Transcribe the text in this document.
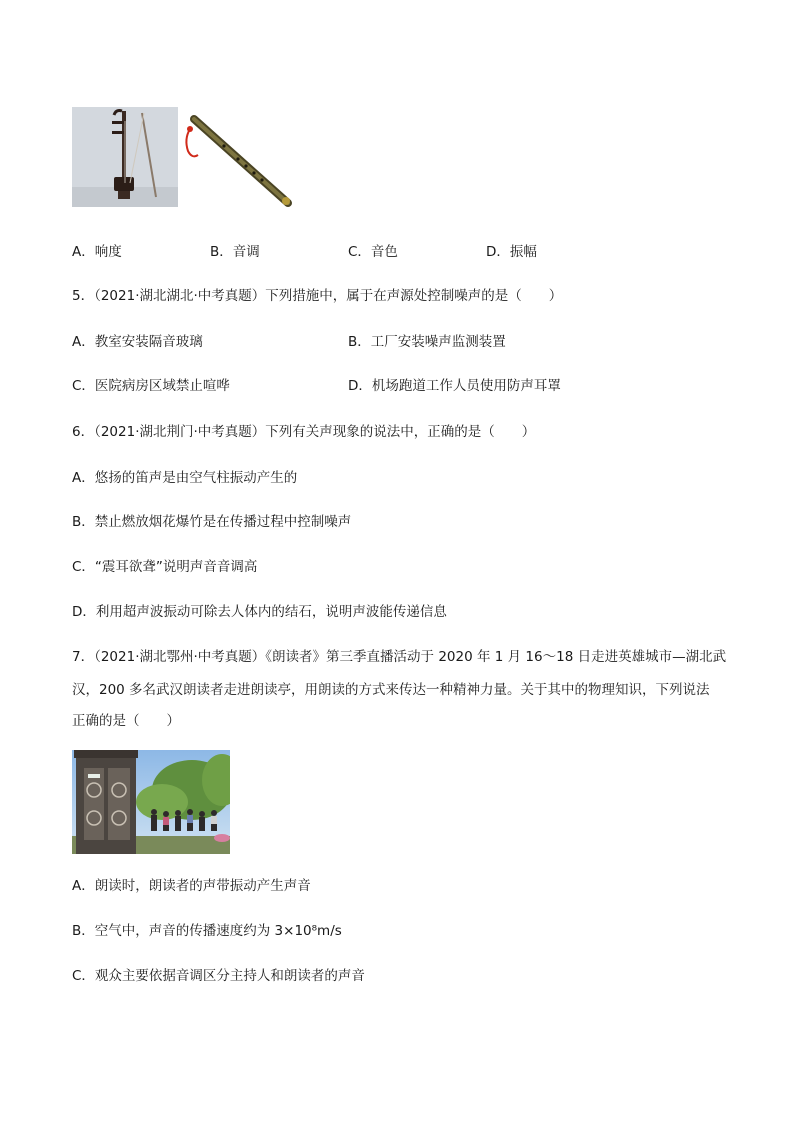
A．响度	B．音调	C．音色	D．振幅
5．（2021·湖北湖北·中考真题）下列措施中，属于在声源处控制噪声的是（　　）
A．教室安装隔音玻璃	B．工厂安装噪声监测装置
C．医院病房区域禁止喧哗	D．机场跑道工作人员使用防声耳罩
6．（2021·湖北荆门·中考真题）下列有关声现象的说法中，正确的是（　　）
A．悠扬的笛声是由空气柱振动产生的
B．禁止燃放烟花爆竹是在传播过程中控制噪声
C．“震耳欲聋”说明声音音调高
D．利用超声波振动可除去人体内的结石，说明声波能传递信息
7．（2021·湖北鄂州·中考真题）《朗读者》第三季直播活动于 2020 年 1 月 16～18 日走进英雄城市—湖北武
汉，200 多名武汉朗读者走进朗读亭，用朗读的方式来传达一种精神力量。关于其中的物理知识，下列说法
正确的是（　　）
A．朗读时，朗读者的声带振动产生声音
B．空气中，声音的传播速度约为 3×10⁸m/s
C．观众主要依据音调区分主持人和朗读者的声音
